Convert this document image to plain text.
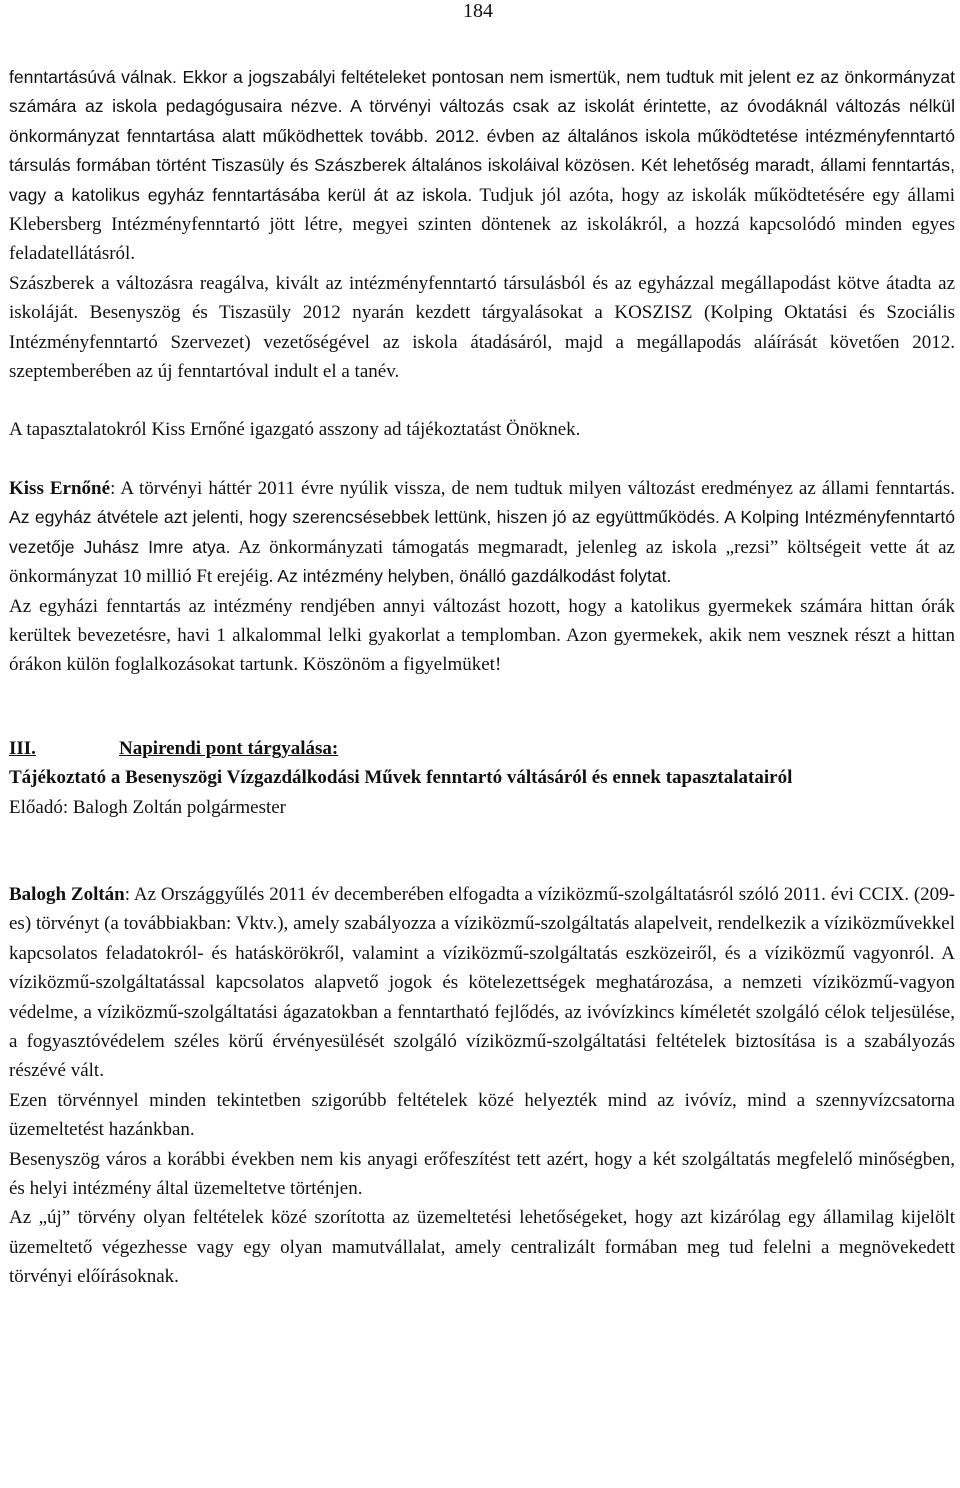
184

fenntartásúvá válnak. Ekkor a jogszabályi feltételeket pontosan nem ismertük, nem tudtuk mit jelent ez az önkormányzat számára az iskola pedagógusaira nézve. A törvényi változás csak az iskolát érintette, az óvodáknál változás nélkül önkormányzat fenntartása alatt működhettek tovább. 2012. évben az általános iskola működtetése intézményfenntartó társulás formában történt Tiszasüly és Szászberek általános iskoláival közösen. Két lehetőség maradt, állami fenntartás, vagy a katolikus egyház fenntartásába kerül át az iskola. Tudjuk jól azóta, hogy az iskolák működtetésére egy állami Klebersberg Intézményfenntartó jött létre, megyei szinten döntenek az iskolákról, a hozzá kapcsolódó minden egyes feladatellátásról.

Szászberek a változásra reagálva, kivált az intézményfenntartó társulásból és az egyházzal megállapodást kötve átadta az iskoláját. Besenyszög és Tiszasüly 2012 nyarán kezdett tárgyalásokat a KOSZISZ (Kolping Oktatási és Szociális Intézményfenntartó Szervezet) vezetőségével az iskola átadásáról, majd a megállapodás aláírását követően 2012. szeptemberében az új fenntartóval indult el a tanév.

A tapasztalatokról Kiss Ernőné igazgató asszony ad tájékoztatást Önöknek.

Kiss Ernőné: A törvényi háttér 2011 évre nyúlik vissza, de nem tudtuk milyen változást eredményez az állami fenntartás. Az egyház átvétele azt jelenti, hogy szerencsésebbek lettünk, hiszen jó az együttműködés. A Kolping Intézményfenntartó vezetője Juhász Imre atya. Az önkormányzati támogatás megmaradt, jelenleg az iskola „rezsi” költségeit vette át az önkormányzat 10 millió Ft erejéig. Az intézmény helyben, önálló gazdálkodást folytat.

Az egyházi fenntartás az intézmény rendjében annyi változást hozott, hogy a katolikus gyermekek számára hittan órák kerültek bevezetésre, havi 1 alkalommal lelki gyakorlat a templomban. Azon gyermekek, akik nem vesznek részt a hittan órákon külön foglalkozásokat tartunk. Köszönöm a figyelmüket!

III.	Napirendi pont tárgyalása:

Tájékoztató a Besenyszögi Vízgazdálkodási Művek fenntartó váltásáról és ennek tapasztalatairól

Előadó: Balogh Zoltán polgármester

Balogh Zoltán: Az Országgyűlés 2011 év decemberében elfogadta a víziközmű-szolgáltatásról szóló 2011. évi CCIX. (209-es) törvényt (a továbbiakban: Vktv.), amely szabályozza a víziközmű-szolgáltatás alapelveit, rendelkezik a víziközművekkel kapcsolatos feladatokról- és hatáskörökről, valamint a víziközmű-szolgáltatás eszközeiről, és a víziközmű vagyonról. A víziközmű-szolgáltatással kapcsolatos alapvető jogok és kötelezettségek meghatározása, a nemzeti víziközmű-vagyon védelme, a víziközmű-szolgáltatási ágazatokban a fenntartható fejlődés, az ivóvízkincs kíméletét szolgáló célok teljesülése, a fogyasztóvédelem széles körű érvényesülését szolgáló víziközmű-szolgáltatási feltételek biztosítása is a szabályozás részévé vált.

Ezen törvénnyel minden tekintetben szigorúbb feltételek közé helyezték mind az ivóvíz, mind a szennyvízcsatorna üzemeltetést hazánkban.

Besenyszög város a korábbi években nem kis anyagi erőfeszítést tett azért, hogy a két szolgáltatás megfelelő minőségben, és helyi intézmény által üzemeltetve történjen.

Az „új” törvény olyan feltételek közé szorította az üzemeltetési lehetőségeket, hogy azt kizárólag egy államilag kijelölt üzemeltető végezhesse vagy egy olyan mamutvállalat, amely centralizált formában meg tud felelni a megnövekedett törvényi előírásoknak.
